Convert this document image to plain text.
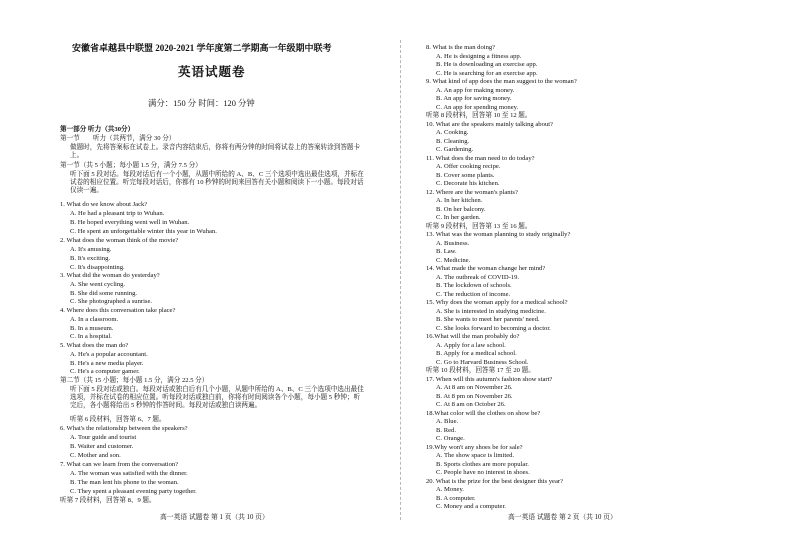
安徽省卓越县中联盟 2020-2021 学年度第二学期高一年级期中联考
英语试题卷
满分：150 分 时间：120 分钟
第一部分 听力（共30分）
第一节　　听力（共两节，满分 30 分）
做题时，先将答案标在试卷上。录音内容结束后，你将有两分钟的时间将试卷上的答案转涂到答题卡上。
第一节（共 5 小题；每小题 1.5 分，满分 7.5 分）
听下面 5 段对话。每段对话后有一个小题，从题中所给的 A、B、C 三个选项中选出最佳选项，并标在试卷的相应位置。听完每段对话后，你都有 10 秒钟的时间来回答有关小题和阅读下一小题。每段对话仅读一遍。
1. What do we know about Jack?
A. He had a pleasant trip to Wuhan.
B. He hoped everything went well in Wuhan.
C. He spent an unforgettable winter this year in Wuhan.
2. What does the woman think of the movie?
A. It's amusing.
B. It's exciting.
C. It's disappointing.
3. What did the woman do yesterday?
A. She went cycling.
B. She did some running.
C. She photographed a sunrise.
4. Where does this conversation take place?
A. In a classroom.
B. In a museum.
C. In a hospital.
5. What does the man do?
A. He's a popular accountant.
B. He's a new media player.
C. He's a computer gamer.
第二节（共 15 小题；每小题 1.5 分，满分 22.5 分）
听下面 5 段对话或独白。每段对话或独白后有几个小题，从题中所给的 A、B、C 三个选项中选出最佳选项，并标在试卷的相应位置。听每段对话或独白前，你将有时间阅读各个小题，每小题 5 秒钟；听完后，各小题将给出 5 秒钟的作答时间。每段对话或独白读两遍。
听第 6 段材料，回答第 6、7 题。
6. What's the relationship between the speakers?
A. Tour guide and tourist
B. Waiter and customer.
C. Mother and son.
7. What can we learn from the conversation?
A. The woman was satisfied with the dinner.
B. The man lent his phone to the woman.
C. They spent a pleasant evening party together.
听第 7 段材料，回答第 8、9 题。
高一英语 试题卷 第 1 页（共 10 页）
8. What is the man doing?
A. He is designing a fitness app.
B. He is downloading an exercise app.
C. He is searching for an exercise app.
9. What kind of app does the man suggest to the woman?
A. An app for making money.
B. An app for saving money.
C. An app for spending money.
听第 8 段材料，回答第 10 至 12 题。
10. What are the speakers mainly talking about?
A. Cooking.
B. Cleaning.
C. Gardening.
11. What does the man need to do today?
A. Offer cooking recipe.
B. Cover some plants.
C. Decorate his kitchen.
12. Where are the woman's plants?
A. In her kitchen.
B. On her balcony.
C. In her garden.
听第 9 段材料，回答第 13 至 16 题。
13. What was the woman planning to study originally?
A. Business.
B. Law.
C. Medicine.
14. What made the woman change her mind?
A. The outbreak of COVID-19.
B. The lockdown of schools.
C. The reduction of income.
15. Why does the woman apply for a medical school?
A. She is interested in studying medicine.
B. She wants to meet her parents' need.
C. She looks forward to becoming a doctor.
16.What will the man probably do?
A. Apply for a law school.
B. Apply for a medical school.
C. Go to Harvard Business School.
听第 10 段材料，回答第 17 至 20 题。
17. When will this autumn's fashion show start?
A. At 8 am on November 26.
B. At 8 pm on November 26.
C. At 8 am on October 26.
18.What color will the clothes on show be?
A. Blue.
B. Red.
C. Orange.
19.Why won't any shoes be for sale?
A. The show space is limited.
B. Sports clothes are more popular.
C. People have no interest in shoes.
20. What is the prize for the best designer this year?
A. Money.
B. A computer.
C. Money and a computer.
高一英语 试题卷 第 2 页（共 10 页）
